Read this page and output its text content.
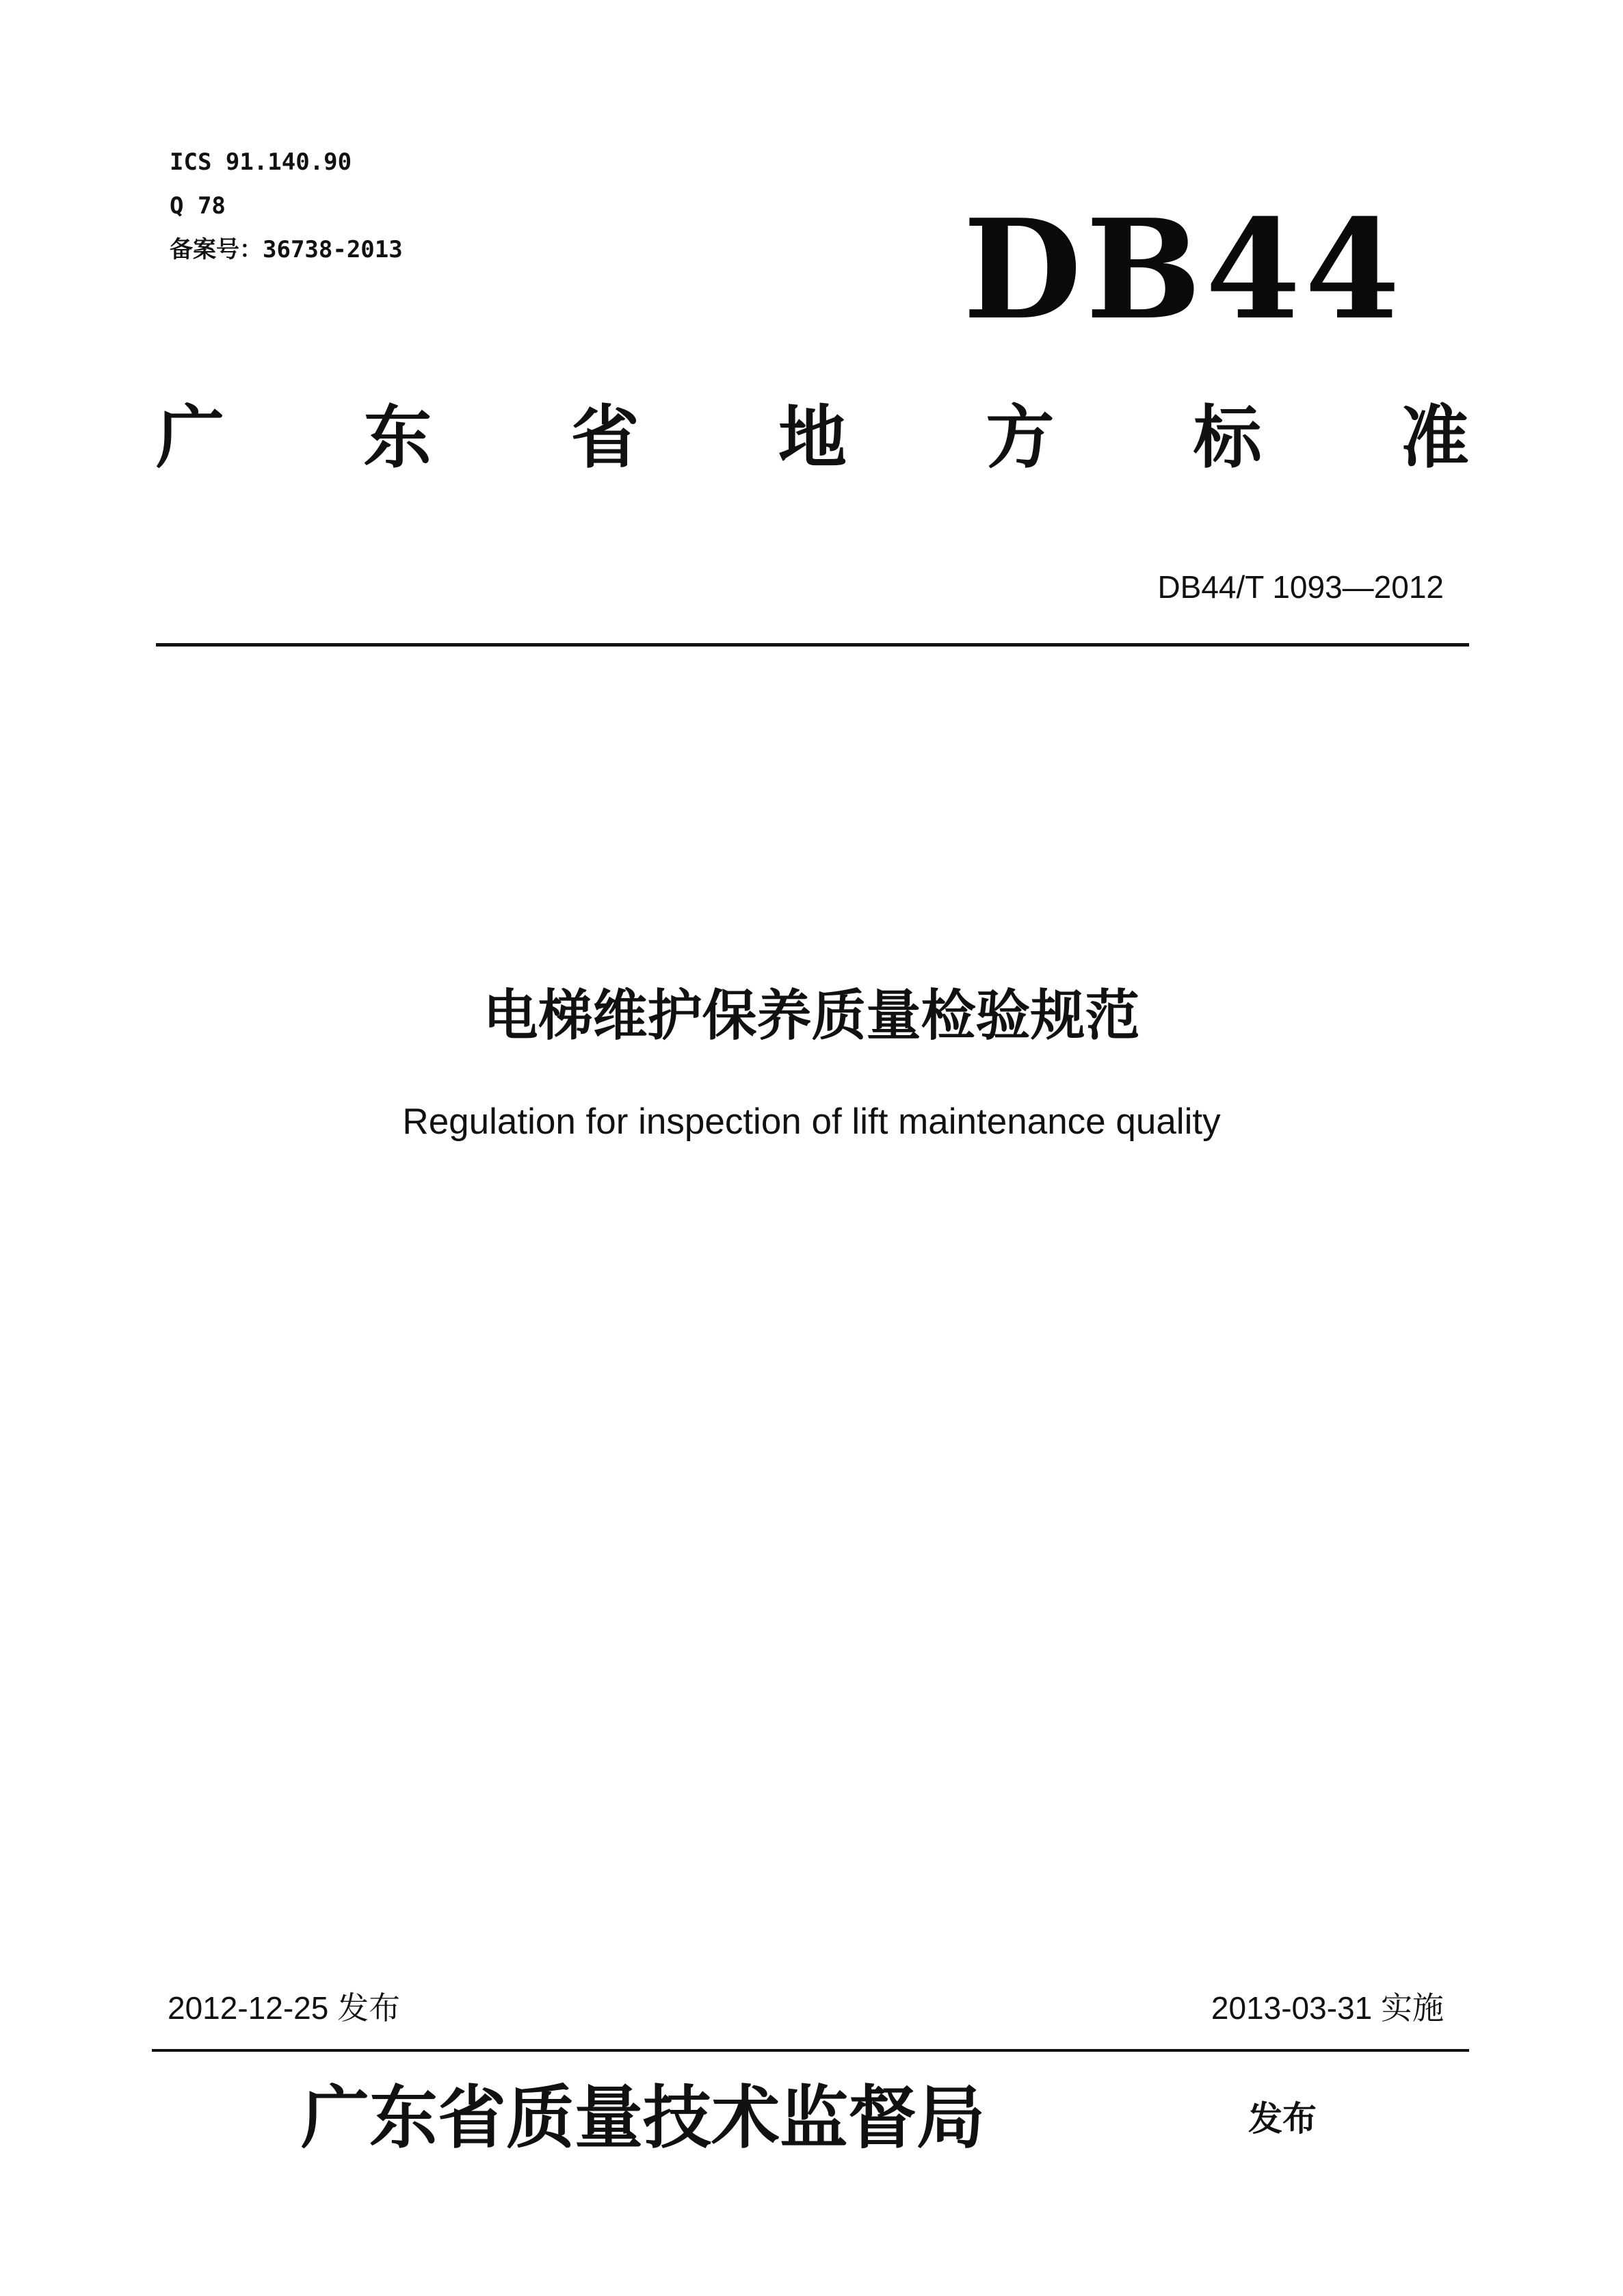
ICS 91.140.90
Q 78
备案号：36738-2013	DB44
广 东 省 地 方 标 准
DB44/T 1093—2012
电梯维护保养质量检验规范
Regulation for inspection of lift maintenance quality
2012-12-25 发布	2013-03-31 实施
广东省质量技术监督局	发布
